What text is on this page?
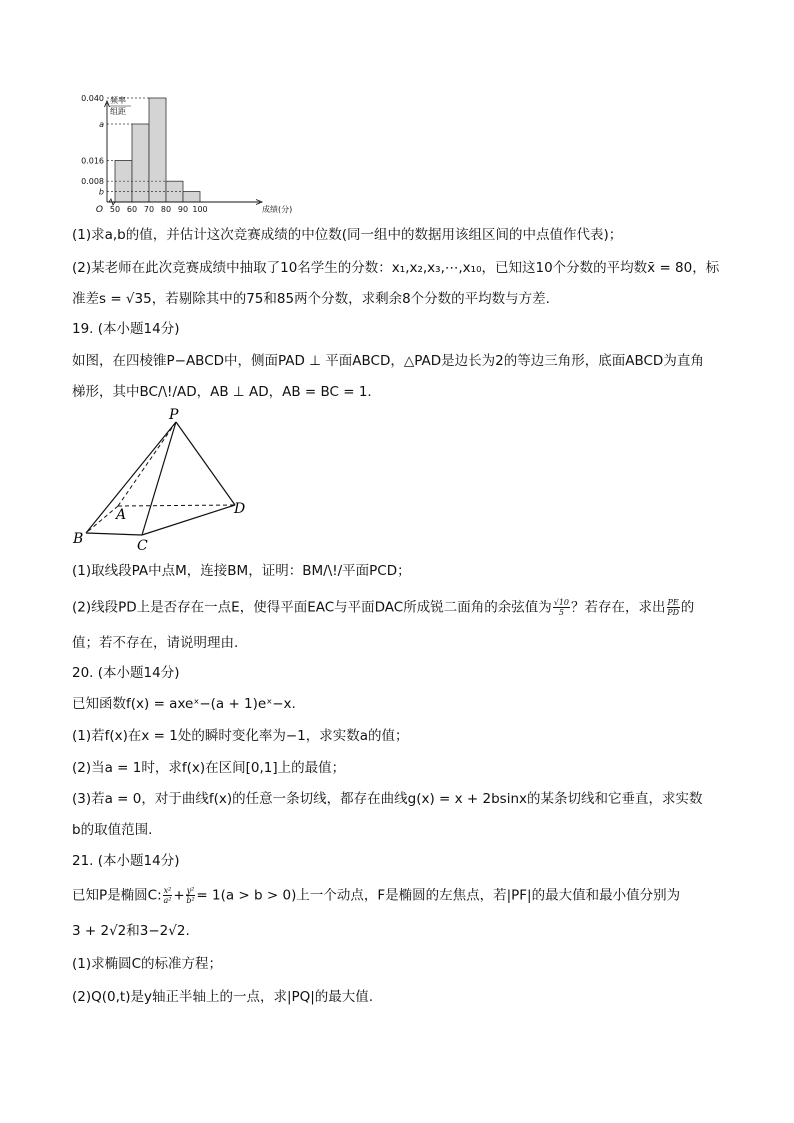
0.040
a
0.016
0.008
b
50 60 70 80 90 100	成绩(分)
O
频率
组距
(1)求a,b的值，并估计这次竞赛成绩的中位数(同一组中的数据用该组区间的中点值作代表)；
(2)某老师在此次竞赛成绩中抽取了10名学生的分数：x₁,x₂,x₃,⋯,x₁₀，已知这10个分数的平均数x̄ = 80，标
准差s = √35，若剔除其中的75和85两个分数，求剩余8个分数的平均数与方差.
19. (本小题14分)
如图，在四棱锥P−ABCD中，侧面PAD ⊥ 平面ABCD，△PAD是边长为2的等边三角形，底面ABCD为直角
梯形，其中BC/\!/AD，AB ⊥ AD，AB = BC = 1.
P
A
B	C
D
(1)取线段PA中点M，连接BM，证明：BM/\!/平面PCD；
(2)线段PD上是否存在一点E，使得平面EAC与平面DAC所成锐二面角的余弦值为 $\frac{√10}{5}$ ？若存在，求出 $\frac{PE}{PD}$ 的
值；若不存在，请说明理由.
20. (本小题14分)
已知函数f(x) = axeˣ−(a + 1)eˣ−x.
(1)若f(x)在x = 1处的瞬时变化率为−1，求实数a的值；
(2)当a = 1时，求f(x)在区间[0,1]上的最值；
(3)若a = 0，对于曲线f(x)的任意一条切线，都存在曲线g(x) = x + 2bsinx的某条切线和它垂直，求实数
b的取值范围.
21. (本小题14分)
已知P是椭圆C: $\frac{\text{x²}}{\text{a²}} + \frac{\text{y²}}{\text{b²}} = 1(a > b > 0)$上一个动点，F是椭圆的左焦点，若|PF|的最大值和最小值分别为
3 + 2√2和3−2√2.
(1)求椭圆C的标准方程；
(2)Q(0,t)是y轴正半轴上的一点，求|PQ|的最大值.
